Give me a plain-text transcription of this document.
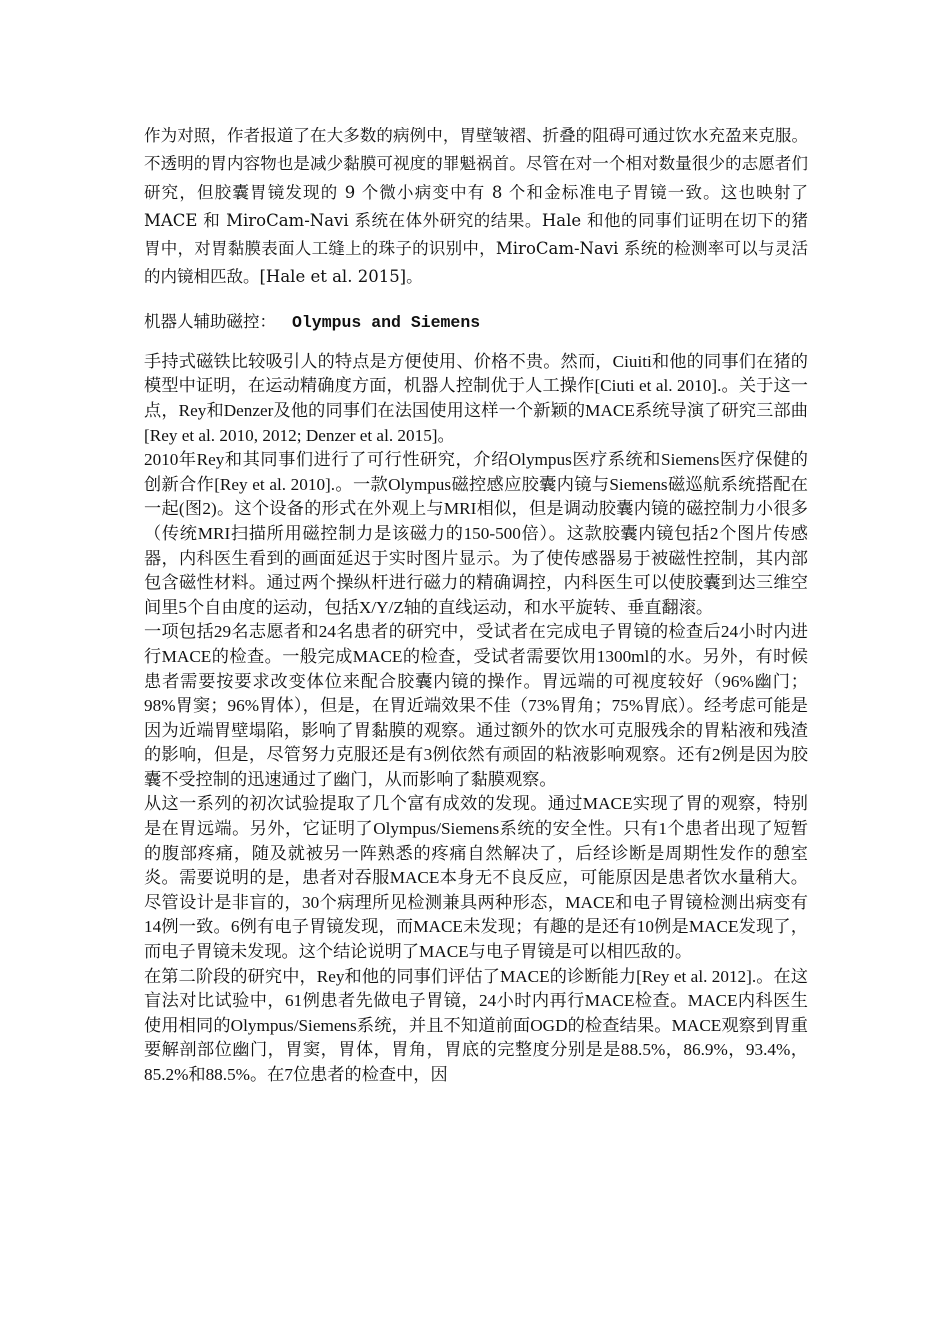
作为对照，作者报道了在大多数的病例中，胃壁皱褶、折叠的阻碍可通过饮水充盈来克服。不透明的胃内容物也是减少黏膜可视度的罪魁祸首。尽管在对一个相对数量很少的志愿者们研究，但胶囊胃镜发现的 9 个微小病变中有 8 个和金标准电子胃镜一致。这也映射了 MACE 和 MiroCam-Navi 系统在体外研究的结果。Hale 和他的同事们证明在切下的猪胃中，对胃黏膜表面人工缝上的珠子的识别中，MiroCam-Navi 系统的检测率可以与灵活的内镜相匹敌。[Hale et al. 2015]。

机器人辅助磁控： Olympus and Siemens

手持式磁铁比较吸引人的特点是方便使用、价格不贵。然而，Ciuiti和他的同事们在猪的模型中证明，在运动精确度方面，机器人控制优于人工操作[Ciuti et al. 2010].。关于这一点，Rey和Denzer及他的同事们在法国使用这样一个新颖的MACE系统导演了研究三部曲[Rey et al. 2010, 2012; Denzer et al. 2015]。

2010年Rey和其同事们进行了可行性研究，介绍Olympus医疗系统和Siemens医疗保健的创新合作[Rey et al. 2010].。一款Olympus磁控感应胶囊内镜与Siemens磁巡航系统搭配在一起(图2)。这个设备的形式在外观上与MRI相似，但是调动胶囊内镜的磁控制力小很多（传统MRI扫描所用磁控制力是该磁力的150-500倍）。这款胶囊内镜包括2个图片传感器，内科医生看到的画面延迟于实时图片显示。为了使传感器易于被磁性控制，其内部包含磁性材料。通过两个操纵杆进行磁力的精确调控，内科医生可以使胶囊到达三维空间里5个自由度的运动，包括X/Y/Z轴的直线运动，和水平旋转、垂直翻滚。

一项包括29名志愿者和24名患者的研究中，受试者在完成电子胃镜的检查后24小时内进行MACE的检查。一般完成MACE的检查，受试者需要饮用1300ml的水。另外，有时候患者需要按要求改变体位来配合胶囊内镜的操作。胃远端的可视度较好（96%幽门；98%胃窦；96%胃体），但是，在胃近端效果不佳（73%胃角；75%胃底）。经考虑可能是因为近端胃壁塌陷，影响了胃黏膜的观察。通过额外的饮水可克服残余的胃粘液和残渣的影响，但是，尽管努力克服还是有3例依然有顽固的粘液影响观察。还有2例是因为胶囊不受控制的迅速通过了幽门，从而影响了黏膜观察。

从这一系列的初次试验提取了几个富有成效的发现。通过MACE实现了胃的观察，特别是在胃远端。另外，它证明了Olympus/Siemens系统的安全性。只有1个患者出现了短暂的腹部疼痛，随及就被另一阵熟悉的疼痛自然解决了，后经诊断是周期性发作的憩室炎。需要说明的是，患者对吞服MACE本身无不良反应，可能原因是患者饮水量稍大。尽管设计是非盲的，30个病理所见检测兼具两种形态，MACE和电子胃镜检测出病变有14例一致。6例有电子胃镜发现，而MACE未发现；有趣的是还有10例是MACE发现了，而电子胃镜未发现。这个结论说明了MACE与电子胃镜是可以相匹敌的。

在第二阶段的研究中，Rey和他的同事们评估了MACE的诊断能力[Rey et al. 2012].。在这盲法对比试验中，61例患者先做电子胃镜，24小时内再行MACE检查。MACE内科医生使用相同的Olympus/Siemens系统，并且不知道前面OGD的检查结果。MACE观察到胃重要解剖部位幽门，胃窦，胃体，胃角，胃底的完整度分别是是88.5%，86.9%，93.4%，85.2%和88.5%。在7位患者的检查中，因
